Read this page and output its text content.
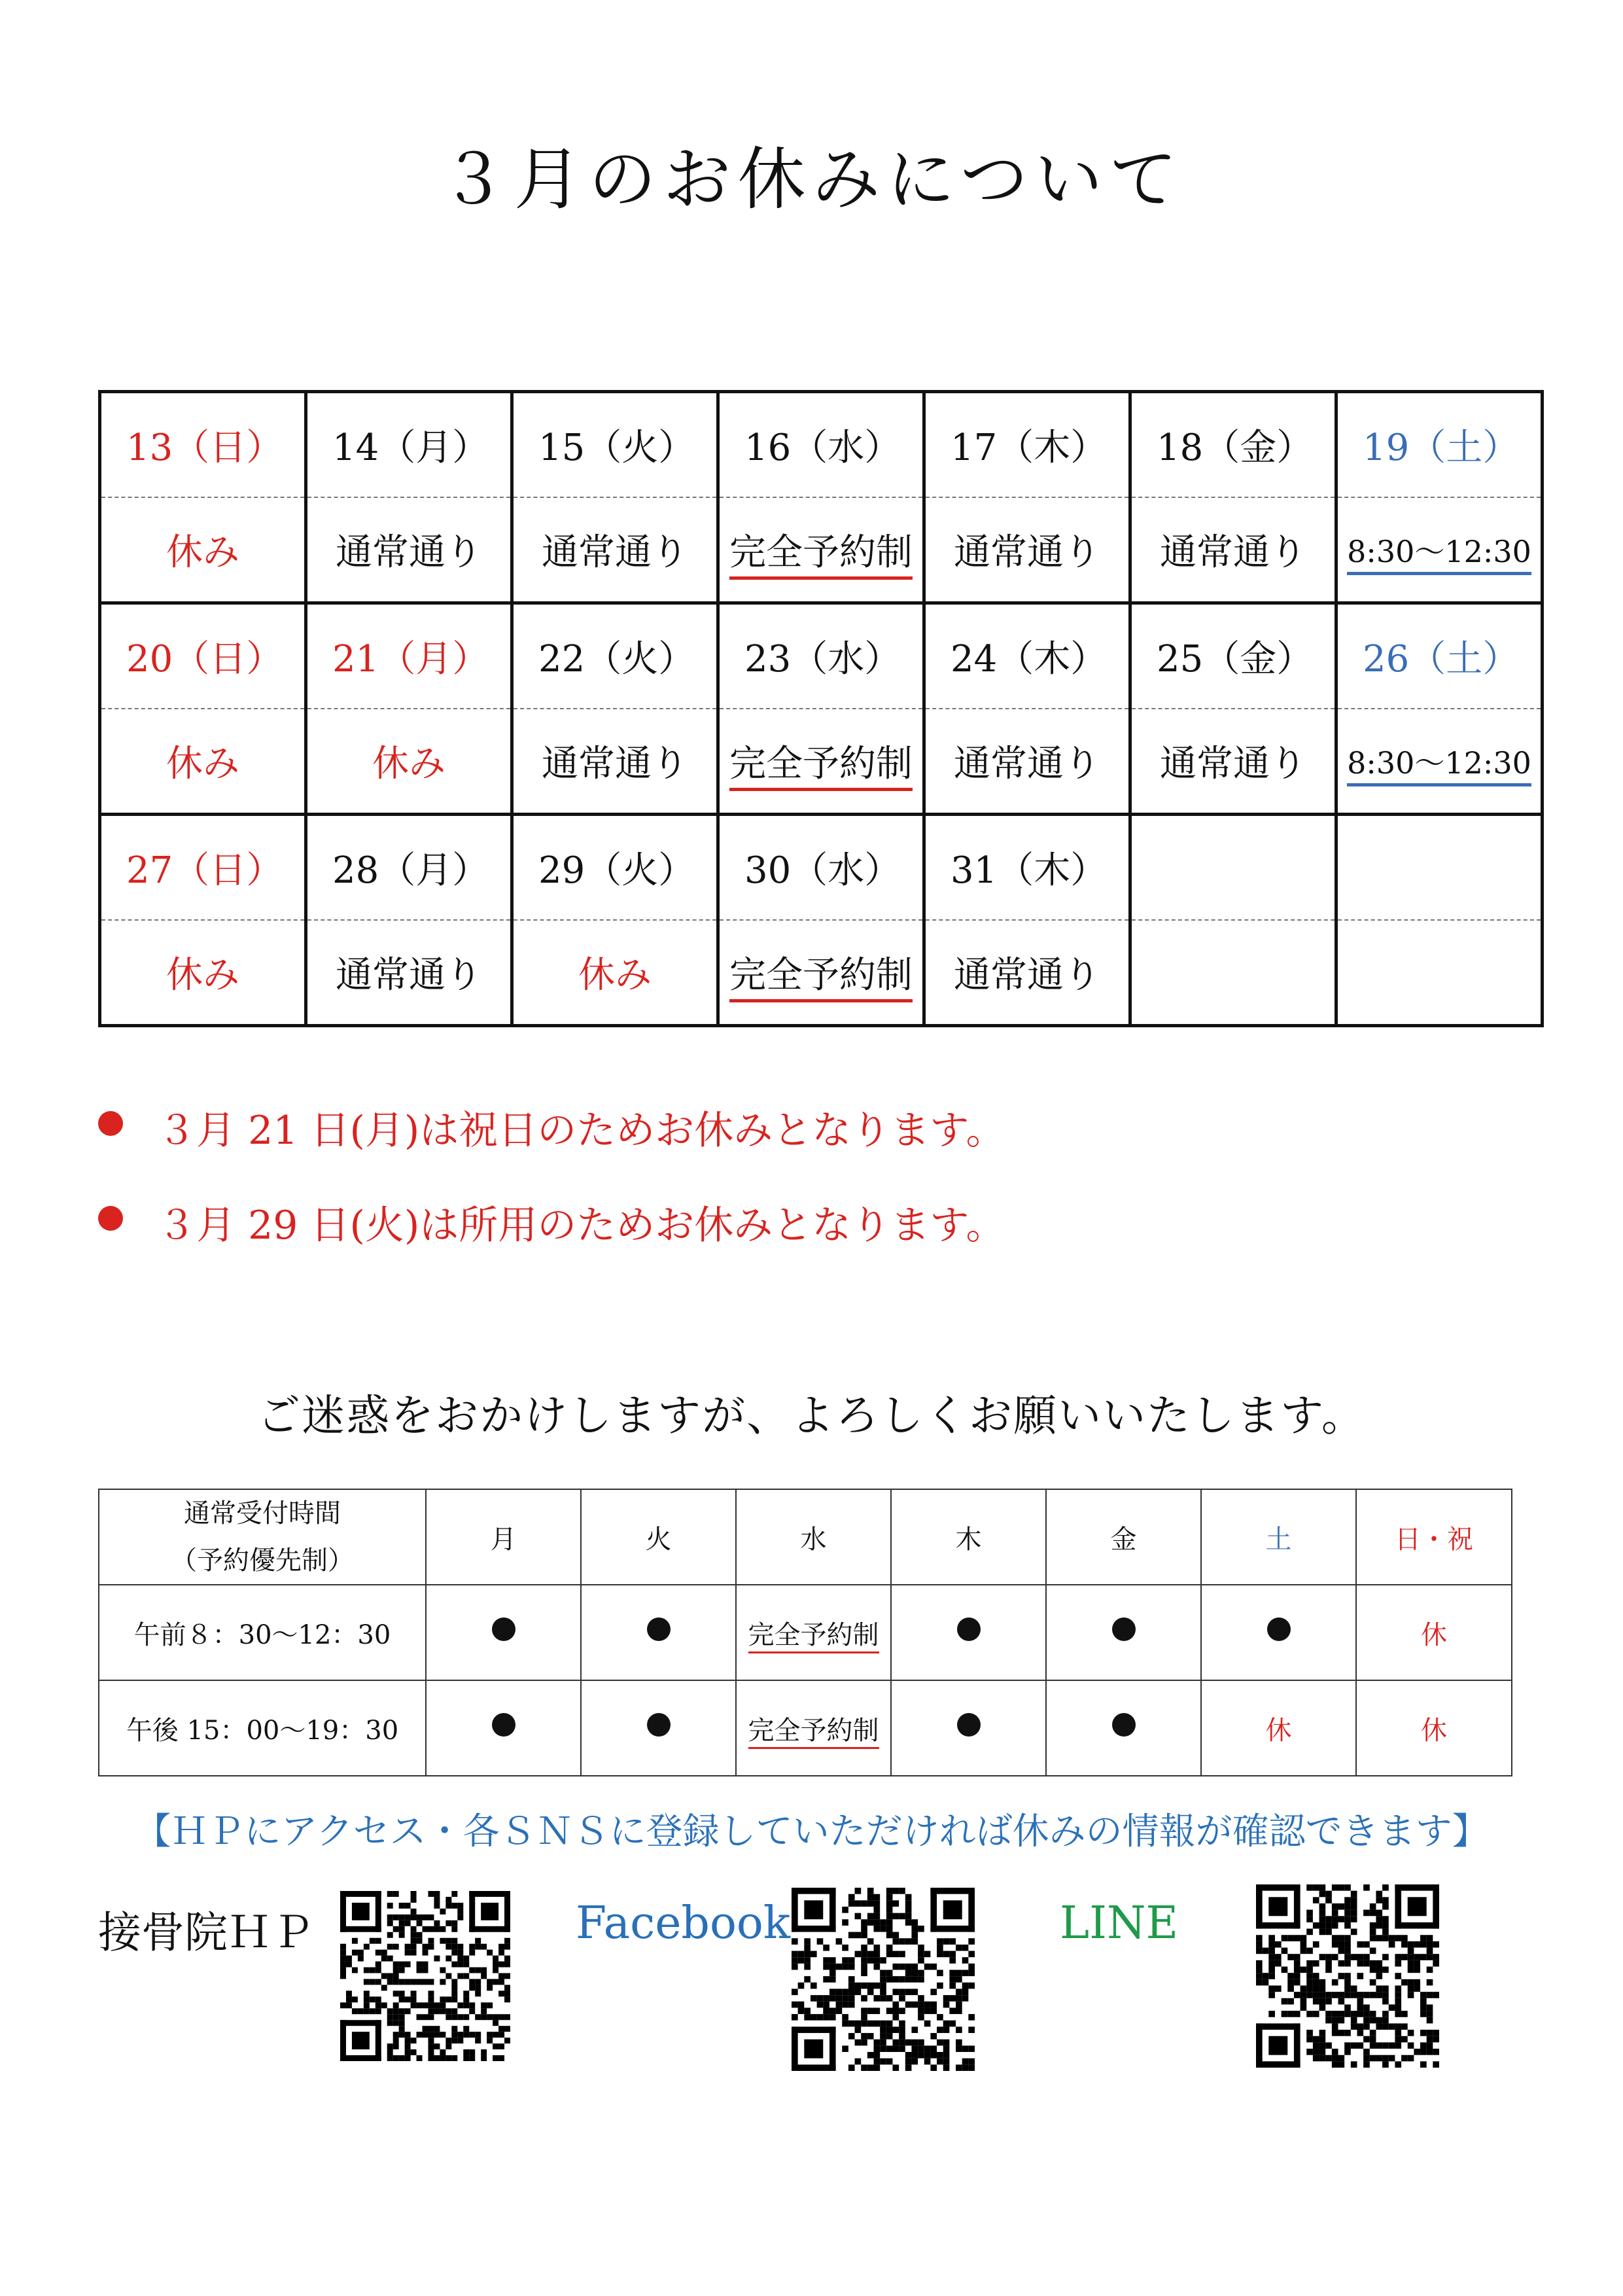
３月のお休みについて
13（日）	14（月）	15（火）	16（水）	17（木）	18（金）	19（土）
休み	通常通り	通常通り	完全予約制	通常通り	通常通り	8:30～12:30
20（日）	21（月）	22（火）	23（水）	24（木）	25（金）	26（土）
休み	休み	通常通り	完全予約制	通常通り	通常通り	8:30～12:30
27（日）	28（月）	29（火）	30（水）	31（木）		
休み	通常通り	休み	完全予約制	通常通り		
３月 21 日(月)は祝日のためお休みとなります。
３月 29 日(火)は所用のためお休みとなります。
ご迷惑をおかけしますが、よろしくお願いいたします。
通常受付時間
（予約優先制）	月	火	水	木	金	土	日・祝
午前８：30～12：30			完全予約制				休
午後 15：00～19：30			完全予約制			休	休
【ＨＰにアクセス・各ＳＮＳに登録していただければ休みの情報が確認できます】
接骨院ＨＰ	Facebook	LINE
